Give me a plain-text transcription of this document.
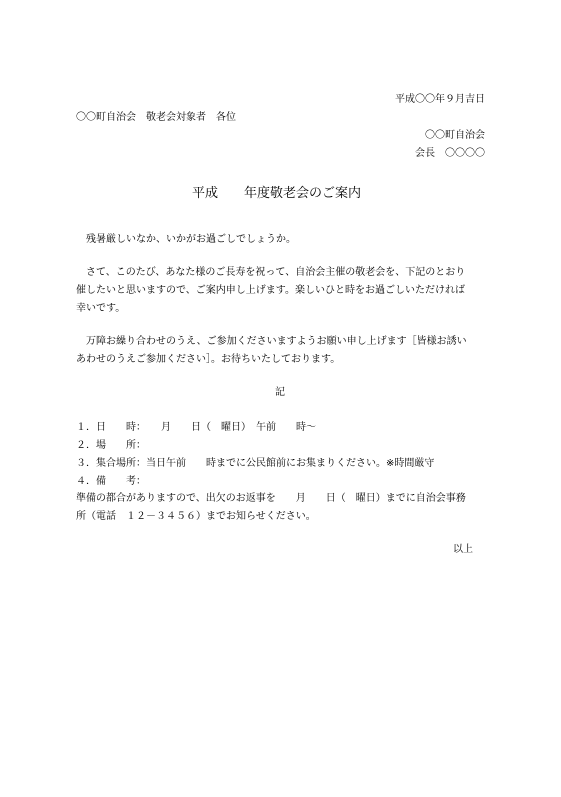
平成〇〇年９月吉日
〇〇町自治会　敬老会対象者　各位
〇〇町自治会
会長　〇〇〇〇
平成　　年度敬老会のご案内
　残暑厳しいなか、いかがお過ごしでしょうか。
　さて、このたび、あなた様のご長寿を祝って、自治会主催の敬老会を、下記のとおり
催したいと思いますので、ご案内申し上げます。楽しいひと時をお過ごしいただければ
幸いです。
　万障お繰り合わせのうえ、ご参加くださいますようお願い申し上げます［皆様お誘い
あわせのうえご参加ください］。お待ちいたしております。
記
１．日　　時：　　月　　日（　曜日）　午前　　時～
２．場　　所：
３．集合場所：当日午前　　時までに公民館前にお集まりください。※時間厳守
４．備　　考：
準備の都合がありますので、出欠のお返事を　　月　　日（　曜日）までに自治会事務
所（電話　１２－３４５６）までお知らせください。
以上
